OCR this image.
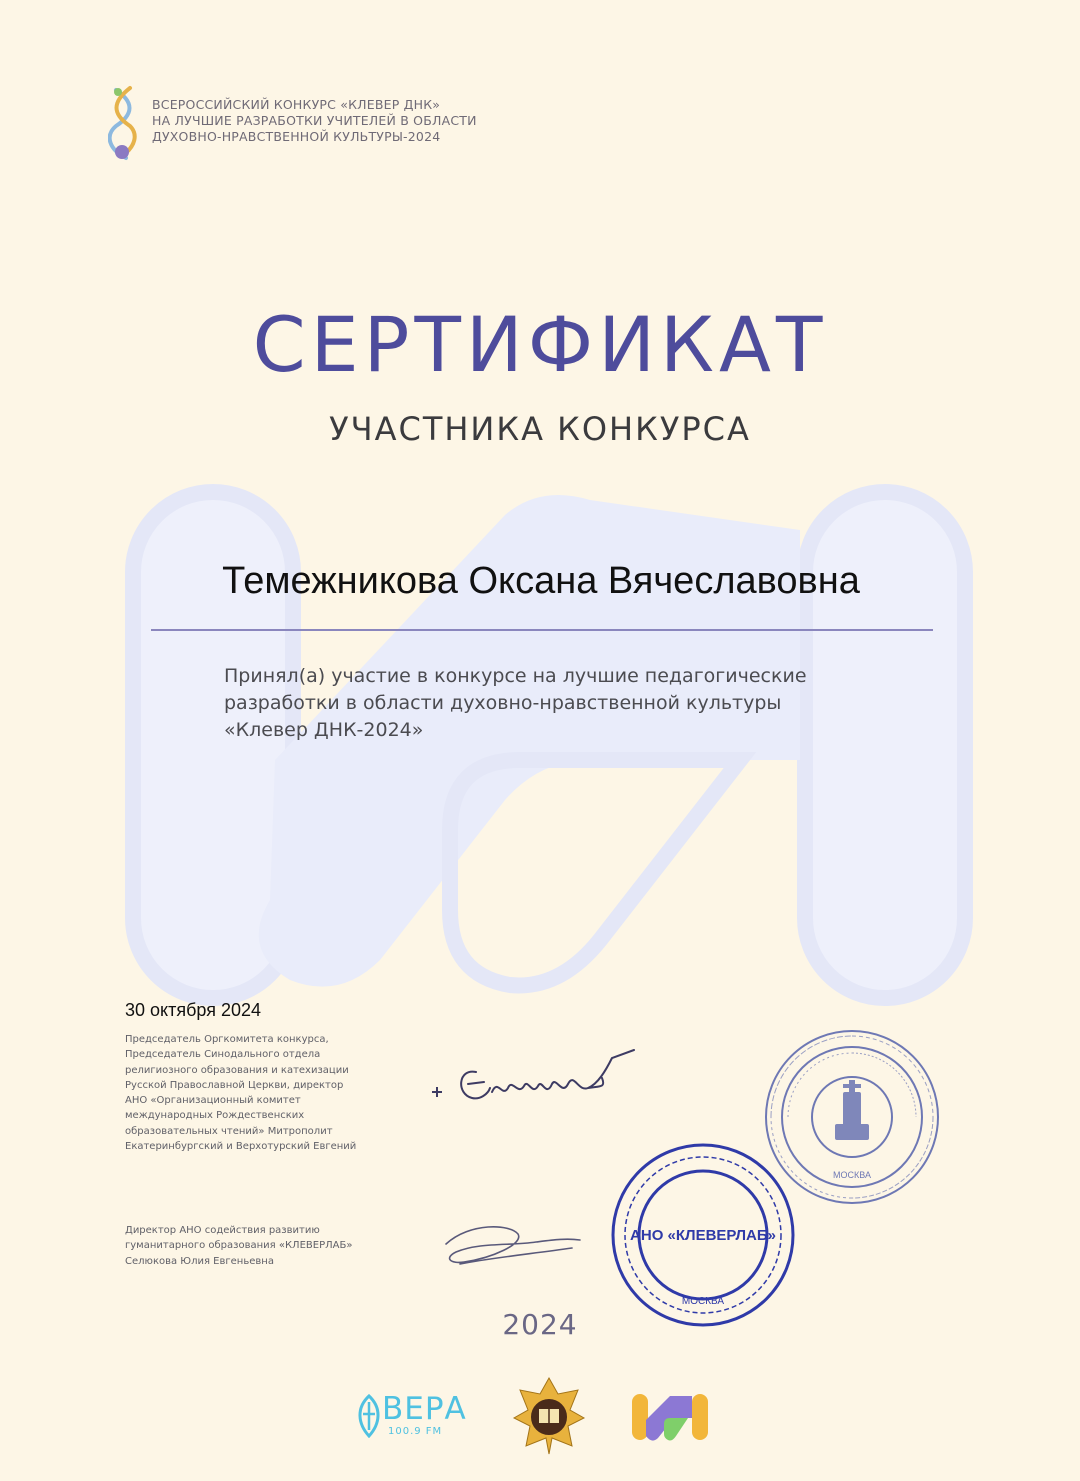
ВСЕРОССИЙСКИЙ КОНКУРС «КЛЕВЕР ДНК»
НА ЛУЧШИЕ РАЗРАБОТКИ УЧИТЕЛЕЙ В ОБЛАСТИ
ДУХОВНО-НРАВСТВЕННОЙ КУЛЬТУРЫ-2024
СЕРТИФИКАТ
УЧАСТНИКА КОНКУРСА
Темежникова Оксана Вячеславовна
Принял(а) участие в конкурсе на лучшие педагогические
разработки в области духовно-нравственной культуры
«Клевер ДНК-2024»
30 октября 2024
Председатель Оргкомитета конкурса,
Председатель Синодального отдела
религиозного образования и катехизации
Русской Православной Церкви, директор
АНО «Организационный комитет
международных Рождественских
образовательных чтений» Митрополит
Екатеринбургский и Верхотурский Евгений
Директор АНО содействия развитию
гуманитарного образования «КЛЕВЕРЛАБ»
Селюкова Юлия Евгеньевна
МОСКВА
АНО «КЛЕВЕРЛАБ»
МОСКВА
2024
ВЕРА
100.9 FM
